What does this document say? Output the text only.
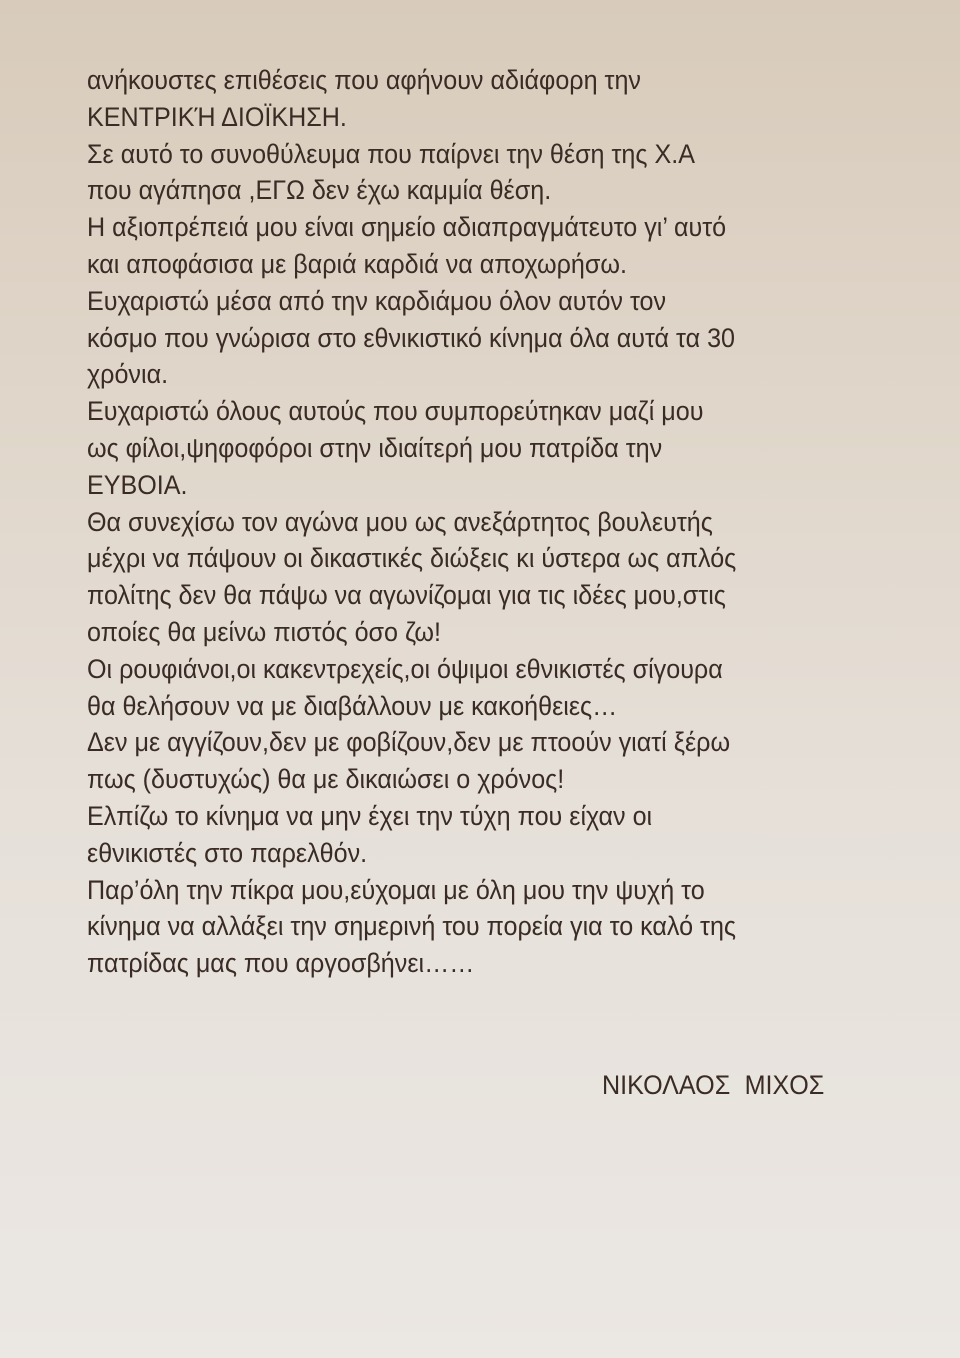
ανήκουστες επιθέσεις που αφήνουν αδιάφορη την
ΚΕΝΤΡΙΚΉ ΔΙΟΪΚΗΣΗ.
Σε αυτό το συνοθύλευμα που παίρνει την θέση της Χ.Α
που αγάπησα ,ΕΓΩ δεν έχω καμμία θέση.
Η αξιοπρέπειά μου είναι σημείο αδιαπραγμάτευτο γι’ αυτό
και αποφάσισα με βαριά καρδιά να αποχωρήσω.
Ευχαριστώ μέσα από την καρδιάμου όλον αυτόν τον
κόσμο που γνώρισα στο εθνικιστικό κίνημα όλα αυτά τα 30
χρόνια.
Ευχαριστώ όλους αυτούς που συμπορεύτηκαν μαζί μου
ως φίλοι,ψηφοφόροι στην ιδιαίτερή μου πατρίδα την
ΕΥΒΟΙΑ.
Θα συνεχίσω τον αγώνα μου ως ανεξάρτητος βουλευτής
μέχρι να πάψουν οι δικαστικές διώξεις κι ύστερα ως απλός
πολίτης δεν θα πάψω να αγωνίζομαι για τις ιδέες μου,στις
οποίες θα μείνω πιστός όσο ζω!
Οι ρουφιάνοι,οι κακεντρεχείς,οι όψιμοι εθνικιστές σίγουρα
θα θελήσουν να με διαβάλλουν με κακοήθειες…
Δεν με αγγίζουν,δεν με φοβίζουν,δεν με πτοούν γιατί ξέρω
πως (δυστυχώς) θα με δικαιώσει ο χρόνος!
Ελπίζω το κίνημα να μην έχει την τύχη που είχαν οι
εθνικιστές στο παρελθόν.
Παρ’όλη την πίκρα μου,εύχομαι με όλη μου την ψυχή το
κίνημα να αλλάξει την σημερινή του πορεία για το καλό της
πατρίδας μας που αργοσβήνει……
ΝΙΚΟΛΑΟΣ ΜΙΧΟΣ
